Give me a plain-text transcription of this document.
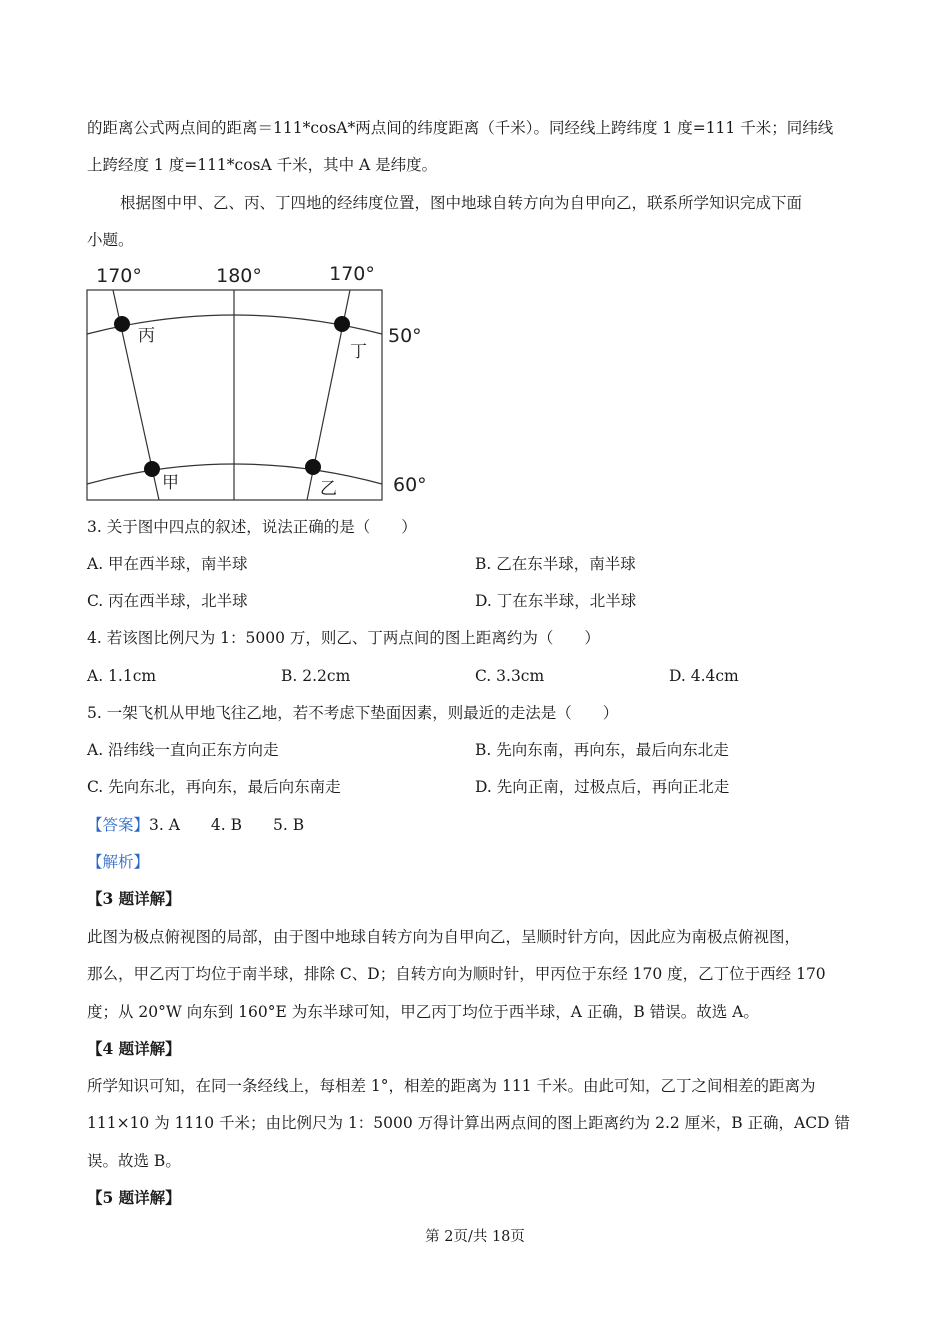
的距离公式两点间的距离＝111*cosA*两点间的纬度距离（千米）。同经线上跨纬度 1 度=111 千米；同纬线
上跨经度 1 度=111*cosA 千米，其中 A 是纬度。
根据图中甲、乙、丙、丁四地的经纬度位置，图中地球自转方向为自甲向乙，联系所学知识完成下面
小题。
170°	180°	170°
50°
60°
丙
丁
甲	乙
3. 关于图中四点的叙述，说法正确的是（　　）
A. 甲在西半球，南半球	B. 乙在东半球，南半球
C. 丙在西半球，北半球	D. 丁在东半球，北半球
4. 若该图比例尺为 1：5000 万，则乙、丁两点间的图上距离约为（　　）
A. 1.1cm	B. 2.2cm	C. 3.3cm	D. 4.4cm
5. 一架飞机从甲地飞往乙地，若不考虑下垫面因素，则最近的走法是（　　）
A. 沿纬线一直向正东方向走	B. 先向东南，再向东，最后向东北走
C. 先向东北，再向东，最后向东南走	D. 先向正南，过极点后，再向正北走
【答案】3. A　　4. B　　5. B
【解析】
【3 题详解】
此图为极点俯视图的局部，由于图中地球自转方向为自甲向乙，呈顺时针方向，因此应为南极点俯视图，
那么，甲乙丙丁均位于南半球，排除 C、D；自转方向为顺时针，甲丙位于东经 170 度，乙丁位于西经 170
度；从 20°W 向东到 160°E 为东半球可知，甲乙丙丁均位于西半球，A 正确，B 错误。故选 A。
【4 题详解】
所学知识可知，在同一条经线上，每相差 1°，相差的距离为 111 千米。由此可知，乙丁之间相差的距离为
111×10 为 1110 千米；由比例尺为 1：5000 万得计算出两点间的图上距离约为 2.2 厘米，B 正确，ACD 错
误。故选 B。
【5 题详解】
第 2页/共 18页
